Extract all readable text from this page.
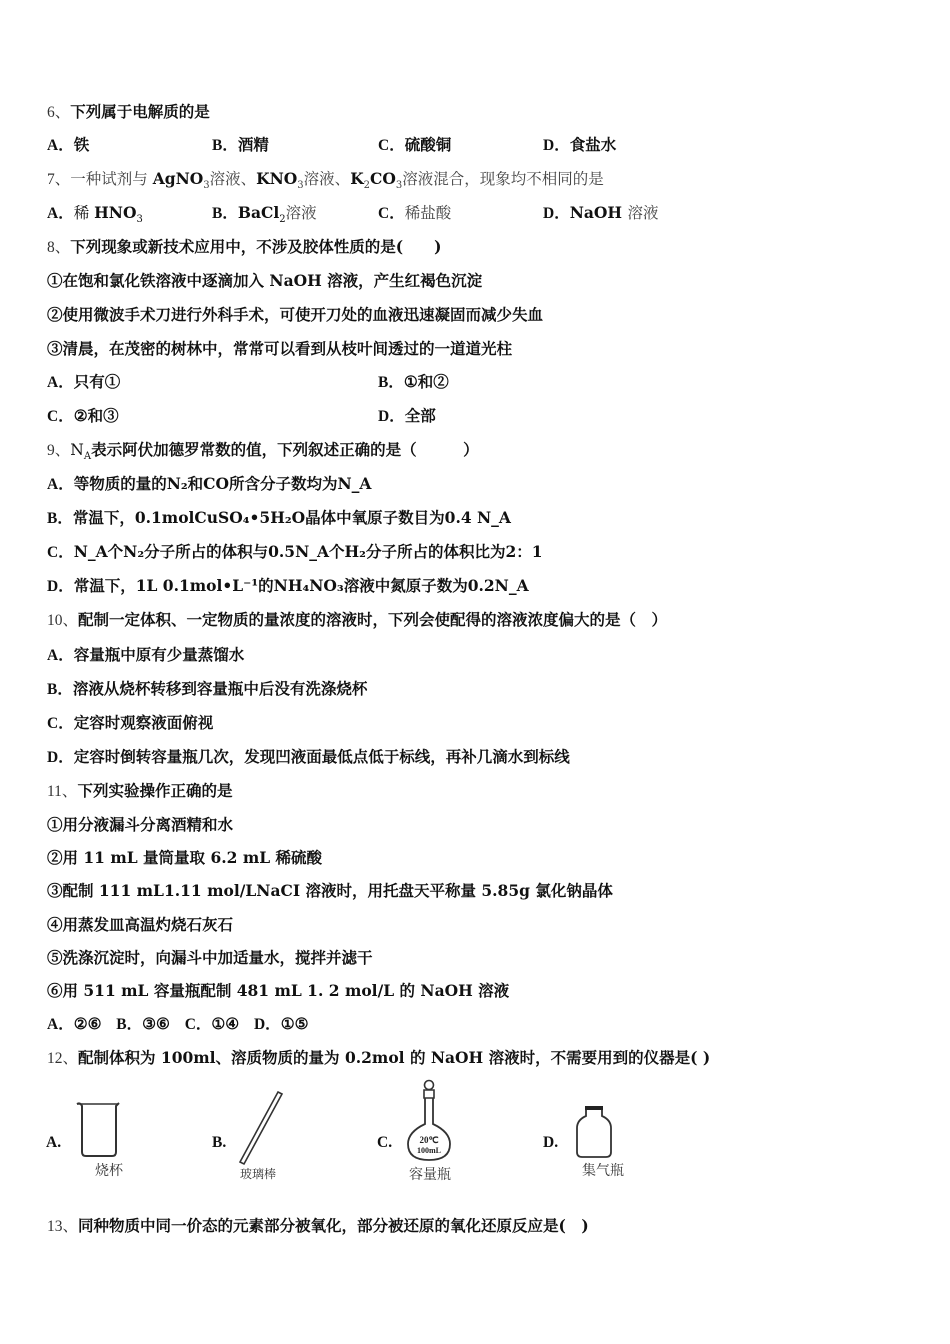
6、下列属于电解质的是
A．铁	B．酒精	C．硫酸铜	D．食盐水
7、一种试剂与 AgNO$_3$溶液、$KNO_3$溶液、$K_2CO_3$溶液混合，现象均不相同的是
A．稀 $HNO_3$	B．BaCl$_2$溶液	C．稀盐酸	D．NaOH 溶液
8、下列现象或新技术应用中，不涉及胶体性质的是(　　)
①在饱和氯化铁溶液中逐滴加入 NaOH 溶液，产生红褐色沉淀
②使用微波手术刀进行外科手术，可使开刀处的血液迅速凝固而减少失血
③清晨，在茂密的树林中，常常可以看到从枝叶间透过的一道道光柱
A．只有①	B．①和②
C．②和③	D．全部
9、$N_A$表示阿伏加德罗常数的值，下列叙述正确的是（　　　）
A．等物质的量的N₂和CO所含分子数均为N_A
B．常温下，0.1molCuSO₄•5H₂O晶体中氧原子数目为0.4 N_A
C．N_A个N₂分子所占的体积与0.5N_A个H₂分子所占的体积比为2：1
D．常温下，1L 0.1mol•L⁻¹的NH₄NO₃溶液中氮原子数为0.2N_A
10、配制一定体积、一定物质的量浓度的溶液时，下列会使配得的溶液浓度偏大的是（　）
A．容量瓶中原有少量蒸馏水
B．溶液从烧杯转移到容量瓶中后没有洗涤烧杯
C．定容时观察液面俯视
D．定容时倒转容量瓶几次，发现凹液面最低点低于标线，再补几滴水到标线
11、下列实验操作正确的是
①用分液漏斗分离酒精和水
②用 11 mL 量筒量取 6.2 mL 稀硫酸
③配制 111 mL1.11 mol/LNaCI 溶液时，用托盘天平称量 5.85g 氯化钠晶体
④用蒸发皿高温灼烧石灰石
⑤洗涤沉淀时，向漏斗中加适量水，搅拌并滤干
⑥用 511 mL 容量瓶配制 481 mL 1. 2 mol/L 的 NaOH 溶液
A．②⑥ B．③⑥ C．①④ D．①⑤
12、配制体积为 100ml、溶质物质的量为 0.2mol 的 NaOH 溶液时，不需要用到的仪器是( )
A.
烧杯
B.
玻璃棒
C.	20℃
100mL
容量瓶
D.
集气瓶
13、同种物质中同一价态的元素部分被氧化，部分被还原的氧化还原反应是(　)
